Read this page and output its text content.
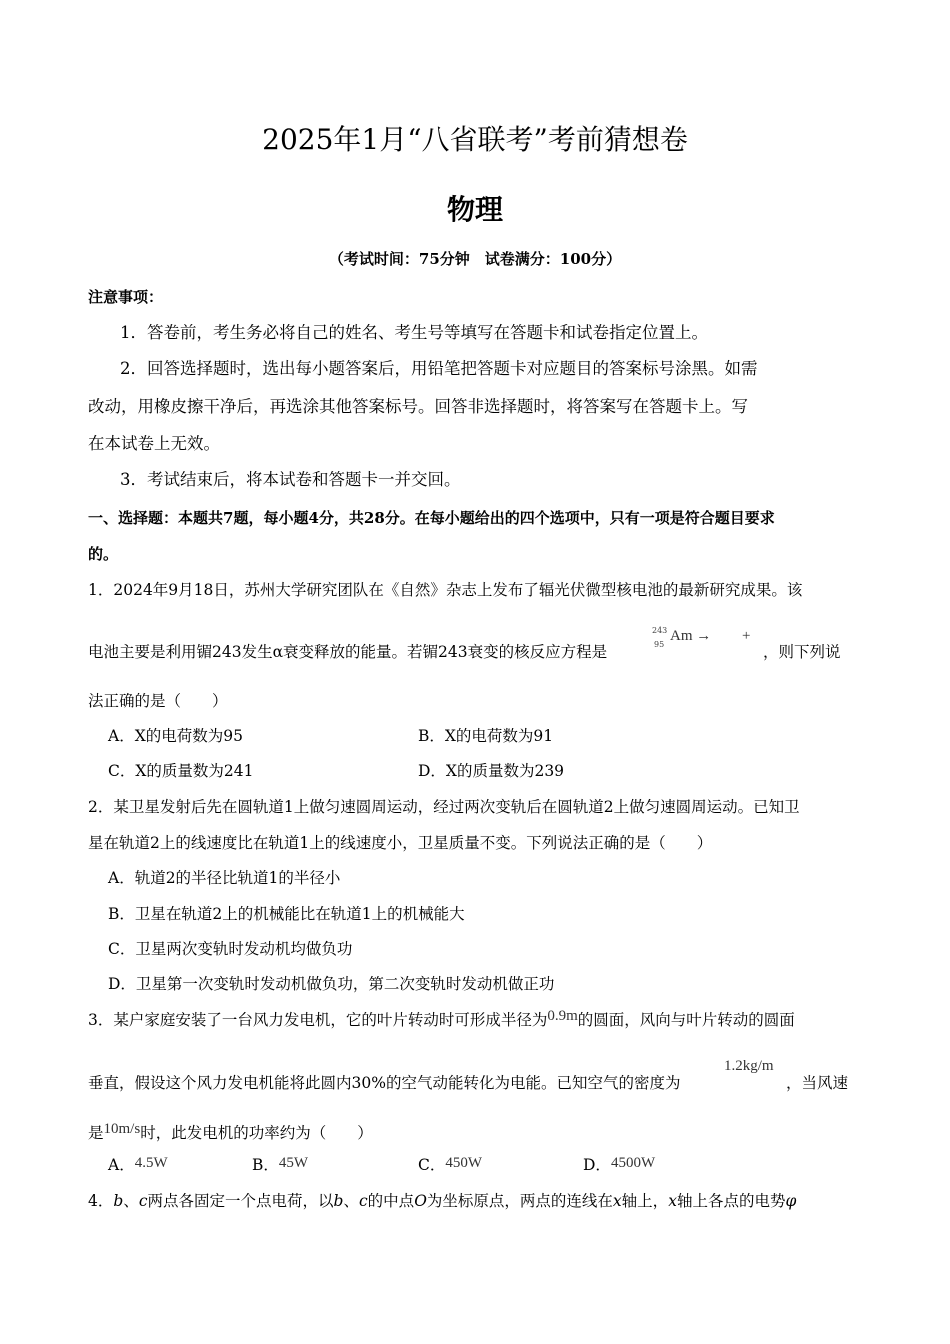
2025年1月“八省联考”考前猜想卷
物理
（考试时间：75分钟　试卷满分：100分）
注意事项：
1．答卷前，考生务必将自己的姓名、考生号等填写在答题卡和试卷指定位置上。
2．回答选择题时，选出每小题答案后，用铅笔把答题卡对应题目的答案标号涂黑。如需
改动，用橡皮擦干净后，再选涂其他答案标号。回答非选择题时，将答案写在答题卡上。写
在本试卷上无效。
3．考试结束后，将本试卷和答题卡一并交回。
一、选择题：本题共7题，每小题4分，共28分。在每小题给出的四个选项中，只有一项是符合题目要求
的。
1．2024年9月18日，苏州大学研究团队在《自然》杂志上发布了辐光伏微型核电池的最新研究成果。该
电池主要是利用镅243发生α衰变释放的能量。若镅243衰变的核反应方程是
243
95
Am → +
，则下列说
法正确的是（　　）
A．X的电荷数为95	B．X的电荷数为91
C．X的质量数为241	D．X的质量数为239
2．某卫星发射后先在圆轨道1上做匀速圆周运动，经过两次变轨后在圆轨道2上做匀速圆周运动。已知卫
星在轨道2上的线速度比在轨道1上的线速度小，卫星质量不变。下列说法正确的是（　　）
A．轨道2的半径比轨道1的半径小
B．卫星在轨道2上的机械能比在轨道1上的机械能大
C．卫星两次变轨时发动机均做负功
D．卫星第一次变轨时发动机做负功，第二次变轨时发动机做正功
3．某户家庭安装了一台风力发电机，它的叶片转动时可形成半径为0.9m的圆面，风向与叶片转动的圆面
垂直，假设这个风力发电机能将此圆内30%的空气动能转化为电能。已知空气的密度为
1.2kg/m
，当风速
是10m/s时，此发电机的功率约为（　　）
A．4.5W	B．45W	C．450W	D．4500W
4．b、c两点各固定一个点电荷，以b、c的中点O为坐标原点，两点的连线在x轴上，x轴上各点的电势φ
